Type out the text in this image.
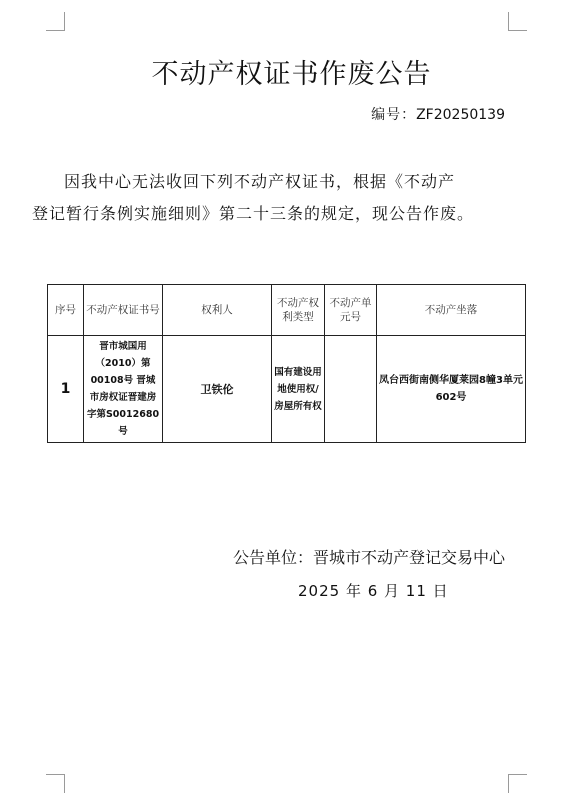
不动产权证书作废公告
编号：ZF20250139
因我中心无法收回下列不动产权证书，根据《不动产
登记暂行条例实施细则》第二十三条的规定，现公告作废。
序号	不动产权证书号	权利人	不动产权利类型	不动产单元号	不动产坐落
1	晋市城国用（2010）第00108号 晋城市房权证晋建房字第S0012680号	卫铁伦	国有建设用地使用权/房屋所有权		凤台西街南侧华厦莱园8幢3单元602号
公告单位：晋城市不动产登记交易中心
2025 年 6 月 11 日
